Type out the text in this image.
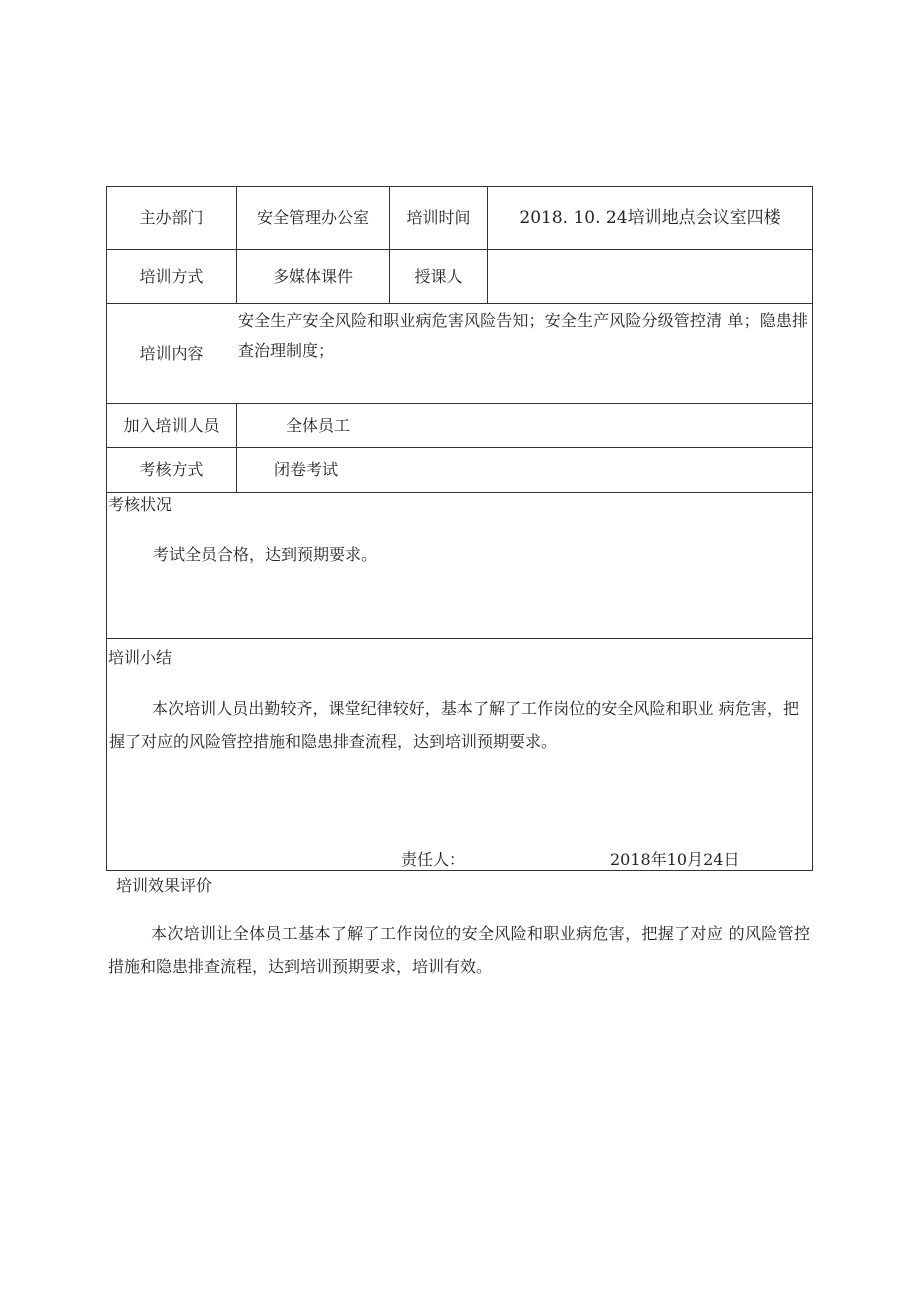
主办部门	安全管理办公室	培训时间	2018. 10. 24培训地点会议室四楼
培训方式	多媒体课件	授课人
培训内容
安全生产安全风险和职业病危害风险告知；安全生产风险分级管控清 单；隐患排查治理制度；
加入培训人员	全体员工
考核方式	闭卷考试
考核状况
考试全员合格，达到预期要求。
培训小结
本次培训人员出勤较齐，课堂纪律较好，基本了解了工作岗位的安全风险和职业 病危害，把握了对应的风险管控措施和隐患排查流程，达到培训预期要求。
责任人：	2018年10月24日
培训效果评价
本次培训让全体员工基本了解了工作岗位的安全风险和职业病危害，把握了对应 的风险管控措施和隐患排查流程，达到培训预期要求，培训有效。
